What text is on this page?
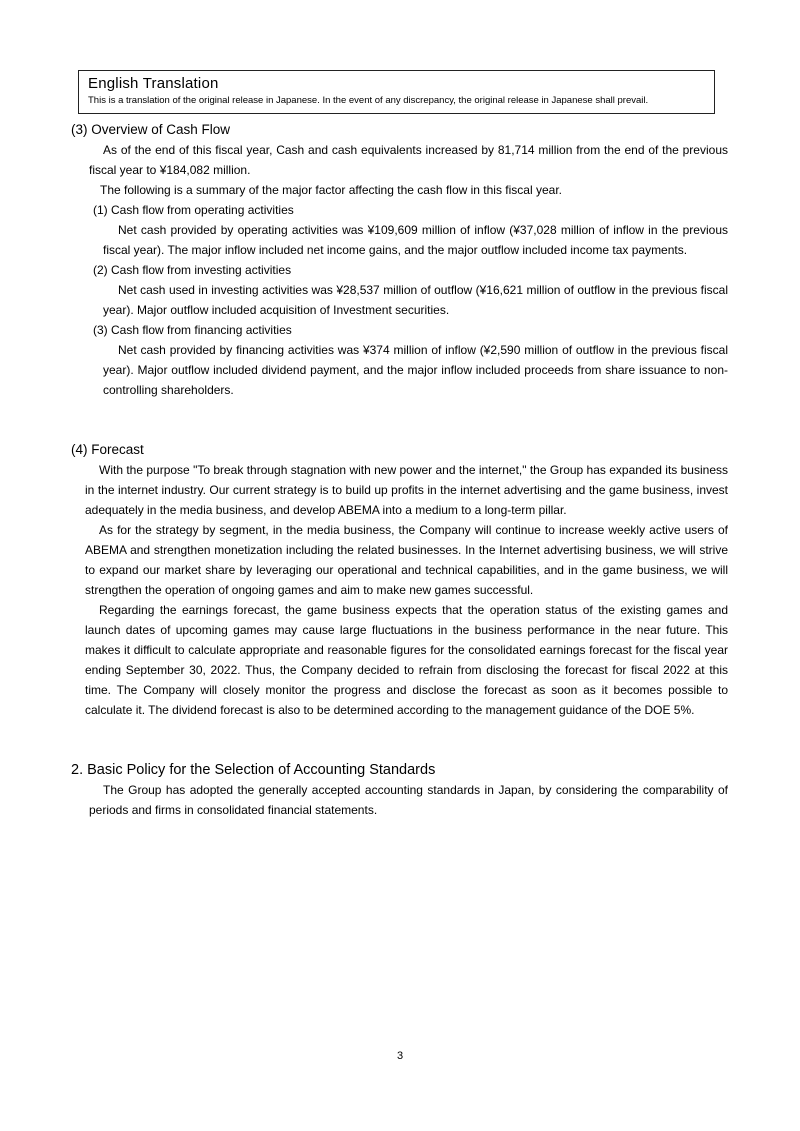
English Translation
This is a translation of the original release in Japanese. In the event of any discrepancy, the original release in Japanese shall prevail.
(3) Overview of Cash Flow

As of the end of this fiscal year, Cash and cash equivalents increased by 81,714 million from the end of the previous fiscal year to ¥184,082 million.

The following is a summary of the major factor affecting the cash flow in this fiscal year.

(1) Cash flow from operating activities

Net cash provided by operating activities was ¥109,609 million of inflow (¥37,028 million of inflow in the previous fiscal year). The major inflow included net income gains, and the major outflow included income tax payments.

(2) Cash flow from investing activities

Net cash used in investing activities was ¥28,537 million of outflow (¥16,621 million of outflow in the previous fiscal year). Major outflow included acquisition of Investment securities.

(3) Cash flow from financing activities

Net cash provided by financing activities was ¥374 million of inflow (¥2,590 million of outflow in the previous fiscal year). Major outflow included dividend payment, and the major inflow included proceeds from share issuance to non-controlling shareholders.

(4) Forecast

With the purpose "To break through stagnation with new power and the internet," the Group has expanded its business in the internet industry. Our current strategy is to build up profits in the internet advertising and the game business, invest adequately in the media business, and develop ABEMA into a medium to a long-term pillar.

As for the strategy by segment, in the media business, the Company will continue to increase weekly active users of ABEMA and strengthen monetization including the related businesses. In the Internet advertising business, we will strive to expand our market share by leveraging our operational and technical capabilities, and in the game business, we will strengthen the operation of ongoing games and aim to make new games successful.

Regarding the earnings forecast, the game business expects that the operation status of the existing games and launch dates of upcoming games may cause large fluctuations in the business performance in the near future. This makes it difficult to calculate appropriate and reasonable figures for the consolidated earnings forecast for the fiscal year ending September 30, 2022. Thus, the Company decided to refrain from disclosing the forecast for fiscal 2022 at this time. The Company will closely monitor the progress and disclose the forecast as soon as it becomes possible to calculate it. The dividend forecast is also to be determined according to the management guidance of the DOE 5%.

2. Basic Policy for the Selection of Accounting Standards

The Group has adopted the generally accepted accounting standards in Japan, by considering the comparability of periods and firms in consolidated financial statements.

3
